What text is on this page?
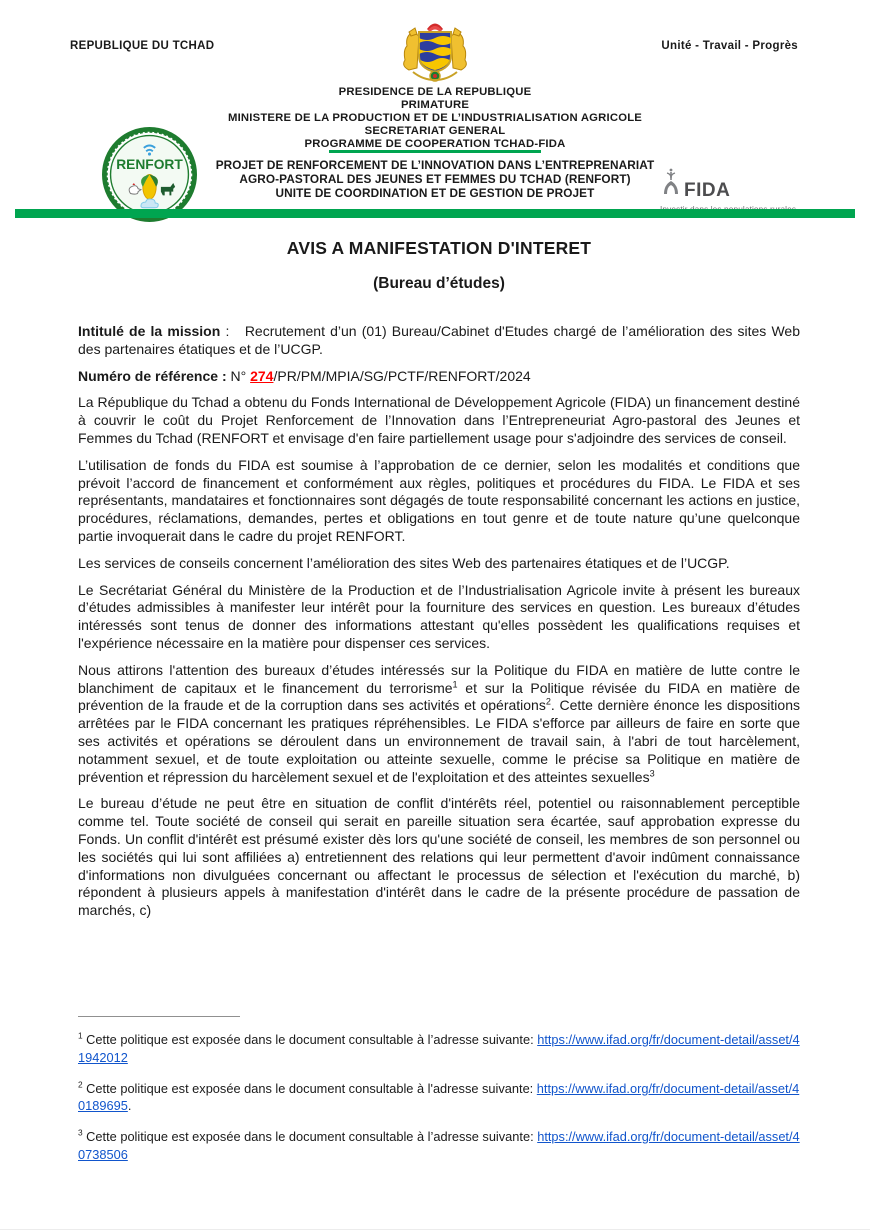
REPUBLIQUE DU TCHAD	Unité - Travail - Progrès
PRESIDENCE DE LA REPUBLIQUE
PRIMATURE
MINISTERE DE LA PRODUCTION ET DE L’INDUSTRIALISATION AGRICOLE
SECRETARIAT GENERAL
PROGRAMME DE COOPERATION TCHAD-FIDA
RENFORT	PROJET DE RENFORCEMENT DE L’INNOVATION DANS L’ENTREPRENARIAT
AGRO-PASTORAL DES JEUNES ET FEMMES DU TCHAD (RENFORT)
UNITE DE COORDINATION ET DE GESTION DE PROJET	FIDA
AVIS A MANIFESTATION D'INTERET
(Bureau d’études)

Intitulé de la mission :   Recrutement d’un (01) Bureau/Cabinet d'Etudes chargé de l’amélioration des sites Web des partenaires étatiques et de l’UCGP.

Numéro de référence : N° 274/PR/PM/MPIA/SG/PCTF/RENFORT/2024

La République du Tchad a obtenu du Fonds International de Développement Agricole (FIDA) un financement destiné à couvrir le coût du Projet Renforcement de l’Innovation dans l’Entrepreneuriat Agro-pastoral des Jeunes et Femmes du Tchad (RENFORT et envisage d'en faire partiellement usage pour s'adjoindre des services de conseil.

L’utilisation de fonds du FIDA est soumise à l’approbation de ce dernier, selon les modalités et conditions que prévoit l’accord de financement et conformément aux règles, politiques et procédures du FIDA. Le FIDA et ses représentants, mandataires et fonctionnaires sont dégagés de toute responsabilité concernant les actions en justice, procédures, réclamations, demandes, pertes et obligations en tout genre et de toute nature qu’une quelconque partie invoquerait dans le cadre du projet RENFORT.

Les services de conseils concernent l’amélioration des sites Web des partenaires étatiques et de l’UCGP.

Le Secrétariat Général du Ministère de la Production et de l’Industrialisation Agricole invite à présent les bureaux d’études admissibles à manifester leur intérêt pour la fourniture des services en question. Les bureaux d’études intéressés sont tenus de donner des informations attestant qu'elles possèdent les qualifications requises et l'expérience nécessaire en la matière pour dispenser ces services.

Nous attirons l'attention des bureaux d’études intéressés sur la Politique du FIDA en matière de lutte contre le blanchiment de capitaux et le financement du terrorisme$^1$ et sur la Politique révisée du FIDA en matière de prévention de la fraude et de la corruption dans ses activités et opérations$^2$. Cette dernière énonce les dispositions arrêtées par le FIDA concernant les pratiques répréhensibles. Le FIDA s'efforce par ailleurs de faire en sorte que ses activités et opérations se déroulent dans un environnement de travail sain, à l'abri de tout harcèlement, notamment sexuel, et de toute exploitation ou atteinte sexuelle, comme le précise sa Politique en matière de prévention et répression du harcèlement sexuel et de l'exploitation et des atteintes sexuelles$^3$

Le bureau d’étude ne peut être en situation de conflit d'intérêts réel, potentiel ou raisonnablement perceptible comme tel. Toute société de conseil qui serait en pareille situation sera écartée, sauf approbation expresse du Fonds. Un conflit d'intérêt est présumé exister dès lors qu'une société de conseil, les membres de son personnel ou les sociétés qui lui sont affiliées a) entretiennent des relations qui leur permettent d'avoir indûment connaissance d'informations non divulguées concernant ou affectant le processus de sélection et l'exécution du marché, b) répondent à plusieurs appels à manifestation d'intérêt dans le cadre de la présente procédure de passation de marchés, c)

$^1$ Cette politique est exposée dans le document consultable à l’adresse suivante: https://www.ifad.org/fr/document-detail/asset/41942012
$^2$ Cette politique est exposée dans le document consultable à l'adresse suivante: https://www.ifad.org/fr/document-detail/asset/40189695.
$^3$ Cette politique est exposée dans le document consultable à l’adresse suivante: https://www.ifad.org/fr/document-detail/asset/40738506
